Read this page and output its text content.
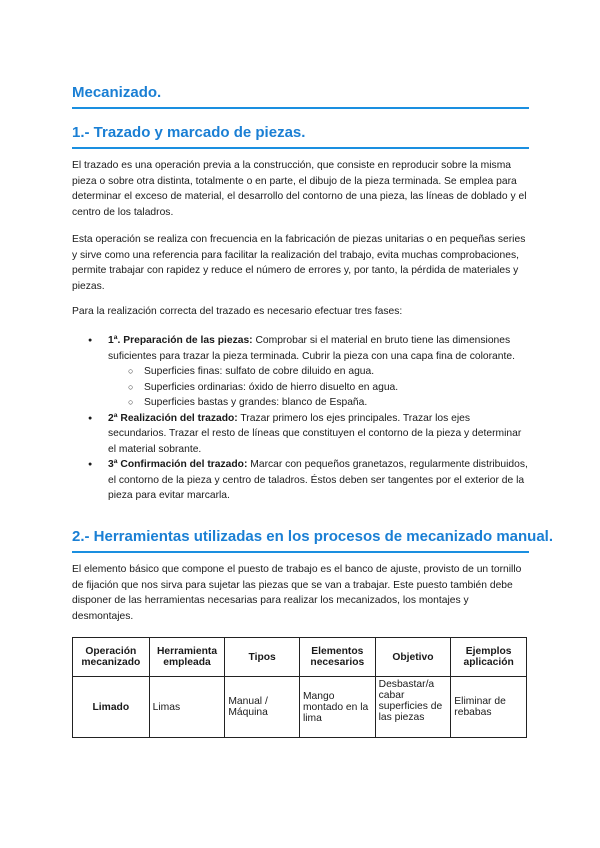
Mecanizado.
1.- Trazado y marcado de piezas.

El trazado es una operación previa a la construcción, que consiste en reproducir sobre la misma pieza o sobre otra distinta, totalmente o en parte, el dibujo de la pieza terminada. Se emplea para determinar el exceso de material, el desarrollo del contorno de una pieza, las líneas de doblado y el centro de los taladros.

Esta operación se realiza con frecuencia en la fabricación de piezas unitarias o en pequeñas series y sirve como una referencia para facilitar la realización del trabajo, evita muchas comprobaciones, permite trabajar con rapidez y reduce el número de errores y, por tanto, la pérdida de materiales y piezas.

Para la realización correcta del trazado es necesario efectuar tres fases:

● 1ª. Preparación de las piezas: Comprobar si el material en bruto tiene las dimensiones suficientes para trazar la pieza terminada. Cubrir la pieza con una capa fina de colorante.
○ Superficies finas: sulfato de cobre diluido en agua.
○ Superficies ordinarias: óxido de hierro disuelto en agua.
○ Superficies bastas y grandes: blanco de España.
● 2ª Realización del trazado: Trazar primero los ejes principales. Trazar los ejes secundarios. Trazar el resto de líneas que constituyen el contorno de la pieza y determinar el material sobrante.
● 3ª Confirmación del trazado: Marcar con pequeños granetazos, regularmente distribuidos, el contorno de la pieza y centro de taladros. Éstos deben ser tangentes por el exterior de la pieza para evitar marcarla.
2.- Herramientas utilizadas en los procesos de mecanizado manual.

El elemento básico que compone el puesto de trabajo es el banco de ajuste, provisto de un tornillo de fijación que nos sirva para sujetar las piezas que se van a trabajar. Este puesto también debe disponer de las herramientas necesarias para realizar los mecanizados, los montajes y desmontajes.

Operación mecanizado	Herramienta empleada	Tipos	Elementos necesarios	Objetivo	Ejemplos aplicación
Limado	Limas	Manual / Máquina	Mango montado en la lima	Desbastar/a cabar superficies de las piezas	Eliminar de rebabas
